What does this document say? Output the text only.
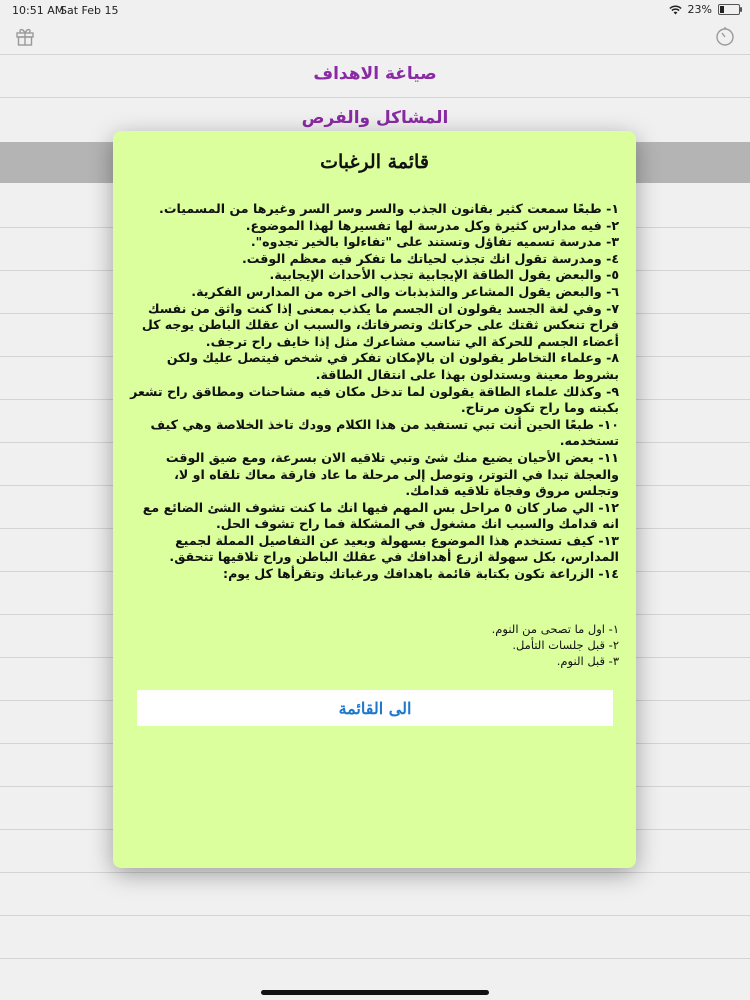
10:51 AM
Sat Feb 15	23%
صياغة الاهداف
المشاكل والفرص
قائمة الرغبات

١- طبعًا سمعت كثير بقانون الجذب والسر وسر السر وغيرها من المسميات.

٢- فيه مدارس كثيرة وكل مدرسة لها تفسيرها لهذا الموضوع.

٣- مدرسة تسميه تفاؤل وتستند على "تفاءلوا بالخير تجدوه".

٤- ومدرسة تقول انك تجذب لحياتك ما تفكر فيه معظم الوقت.

٥- والبعض يقول الطاقة الإيجابية تجذب الأحداث الإيجابية.

٦- والبعض يقول المشاعر والتذبذبات والى اخره من المدارس الفكرية.

٧- وفي لغة الجسد يقولون ان الجسم ما يكذب بمعنى إذا كنت واثق من نفسك فراح تنعكس ثقتك على حركاتك وتصرفاتك، والسبب ان عقلك الباطن يوجه كل أعضاء الجسم للحركة الي تناسب مشاعرك مثل إذا خايف راح ترجف.

٨- وعلماء التخاطر يقولون ان بالإمكان تفكر في شخص فيتصل عليك ولكن بشروط معينة ويستدلون بهذا على انتقال الطاقة.

٩- وكذلك علماء الطاقة يقولون لما تدخل مكان فيه مشاحنات ومطاقق راح تشعر بكبته وما راح تكون مرتاح.

١٠- طبعًا الحين أنت تبي تستفيد من هذا الكلام وودك تاخذ الخلاصة وهي كيف تستخدمه.

١١- بعض الأحيان يضيع منك شئ وتبي تلاقيه الان بسرعة، ومع ضيق الوقت والعجلة تبدا في التوتر، وتوصل إلى مرحلة ما عاد فارقة معاك تلقاه او لا، وتجلس مروق وفجاة تلاقيه قدامك.

١٢- الي صار كان ٥ مراحل بس المهم فيها انك ما كنت تشوف الشئ الضائع مع انه قدامك والسبب انك مشغول في المشكلة فما راح تشوف الحل.

١٣- كيف تستخدم هذا الموضوع بسهولة وبعيد عن التفاصيل المملة لجميع المدارس، بكل سهولة ازرع أهدافك في عقلك الباطن وراح تلاقيها تتحقق.

١٤- الزراعة تكون بكتابة قائمة باهدافك ورغباتك وتقرأها كل يوم:

١- اول ما تصحى من النوم.

٢- قبل جلسات التأمل.

٣- قبل النوم.

الى القائمة
